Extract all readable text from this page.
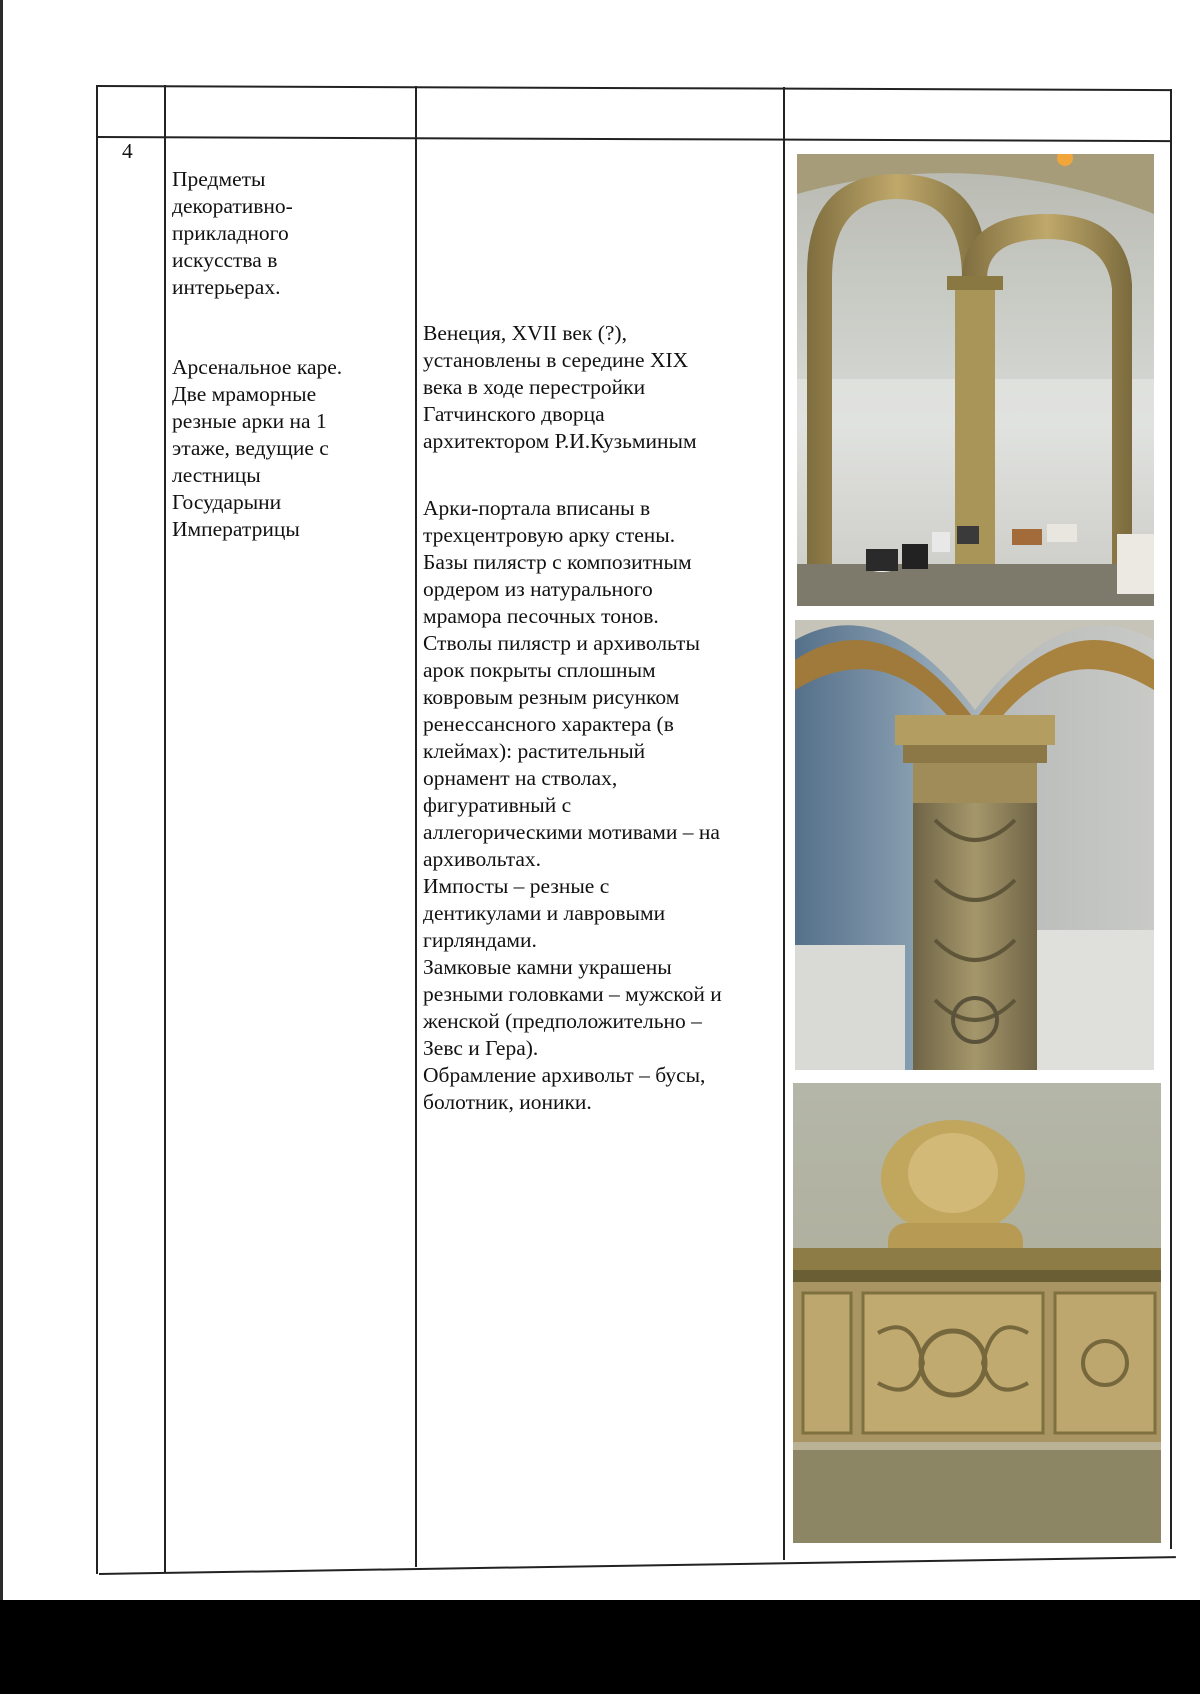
4

Предметы
декоративно-
прикладного
искусства в
интерьерах.

Арсенальное каре.
Две мраморные
резные арки на 1
этаже, ведущие с
лестницы
Государыни
Императрицы

Венеция, XVII век (?),
установлены в середине XIX
века в ходе перестройки
Гатчинского дворца
архитектором Р.И.Кузьминым

Арки-портала вписаны в
трехцентровую арку стены.
Базы пилястр с композитным
ордером из натурального
мрамора песочных тонов.
Стволы пилястр и архивольты
арок покрыты сплошным
ковровым резным рисунком
ренессансного характера (в
клеймах): растительный
орнамент на стволах,
фигуративный с
аллегорическими мотивами – на
архивольтах.
Импосты – резные с
дентикулами и лавровыми
гирляндами.
Замковые камни украшены
резными головками – мужской и
женской (предположительно –
Зевс и Гера).
Обрамление архивольт – бусы,
болотник, ионики.
